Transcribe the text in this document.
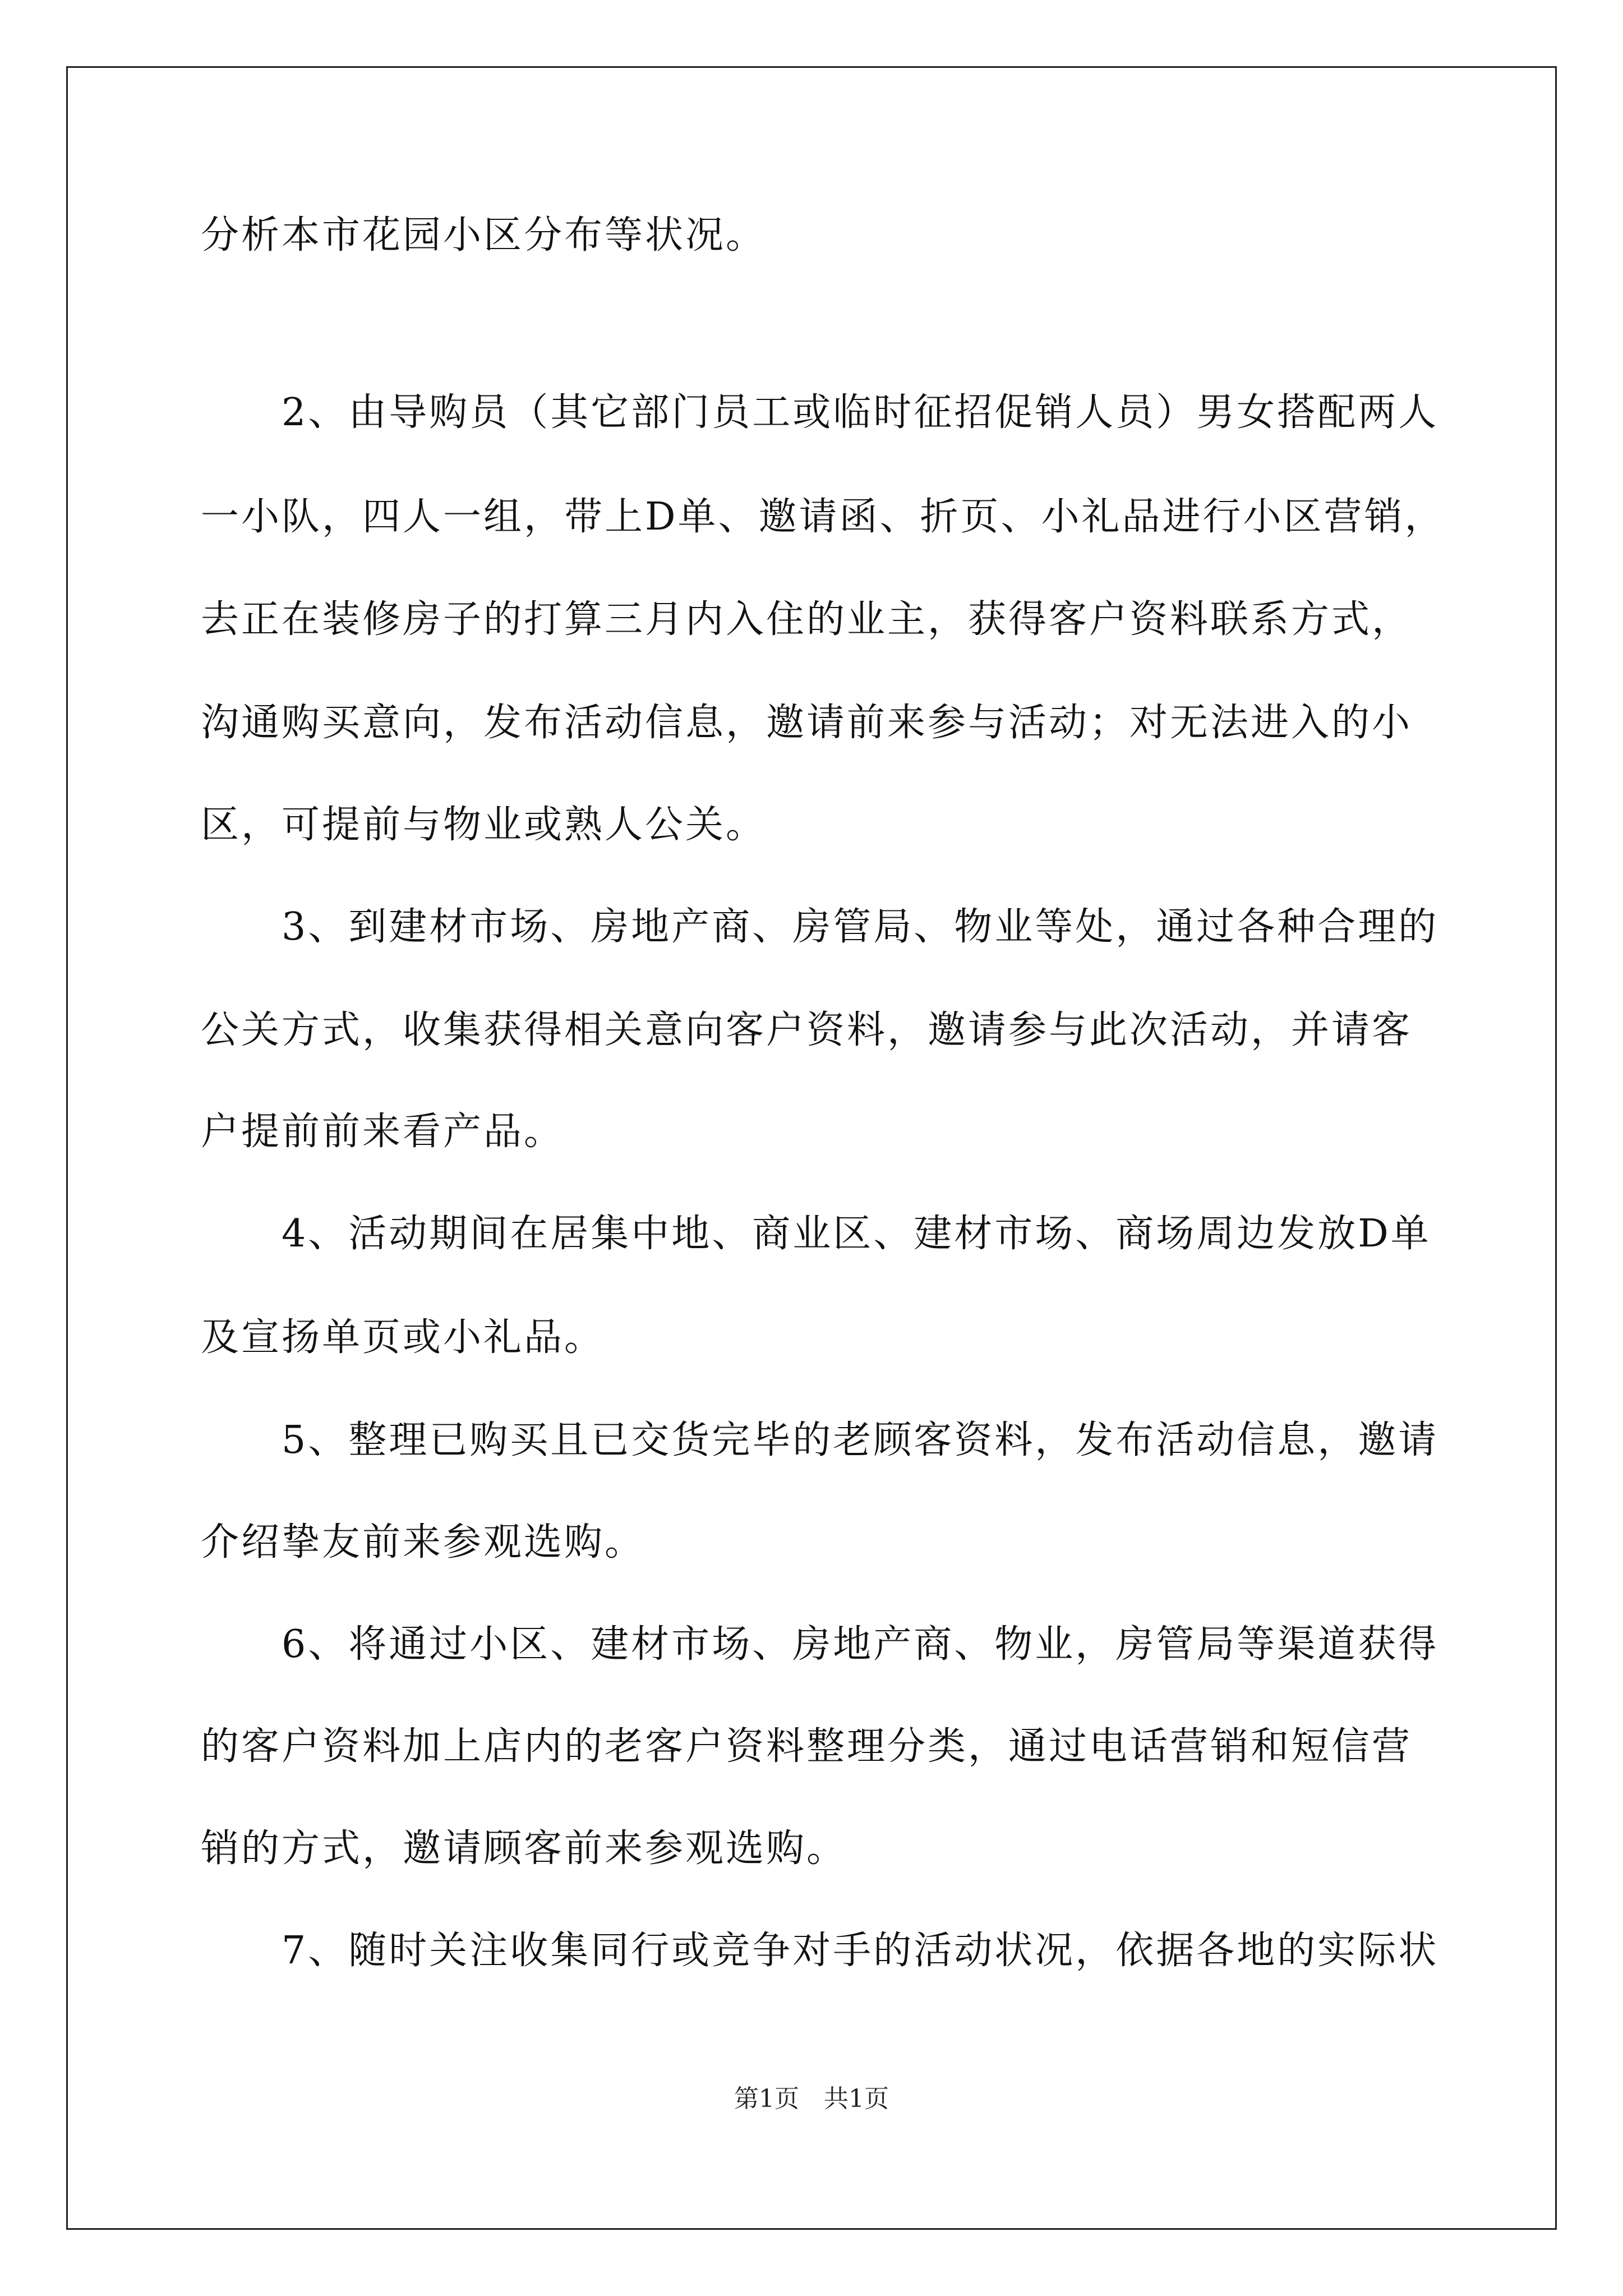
分析本市花园小区分布等状况。
　　2、由导购员（其它部门员工或临时征招促销人员）男女搭配两人
一小队，四人一组，带上D单、邀请函、折页、小礼品进行小区营销，
去正在装修房子的打算三月内入住的业主，获得客户资料联系方式，
沟通购买意向，发布活动信息，邀请前来参与活动；对无法进入的小
区，可提前与物业或熟人公关。
　　3、到建材市场、房地产商、房管局、物业等处，通过各种合理的
公关方式，收集获得相关意向客户资料，邀请参与此次活动，并请客
户提前前来看产品。
　　4、活动期间在居集中地、商业区、建材市场、商场周边发放D单
及宣扬单页或小礼品。
　　5、整理已购买且已交货完毕的老顾客资料，发布活动信息，邀请
介绍挚友前来参观选购。
　　6、将通过小区、建材市场、房地产商、物业，房管局等渠道获得
的客户资料加上店内的老客户资料整理分类，通过电话营销和短信营
销的方式，邀请顾客前来参观选购。
　　7、随时关注收集同行或竞争对手的活动状况，依据各地的实际状
第1页　共1页
